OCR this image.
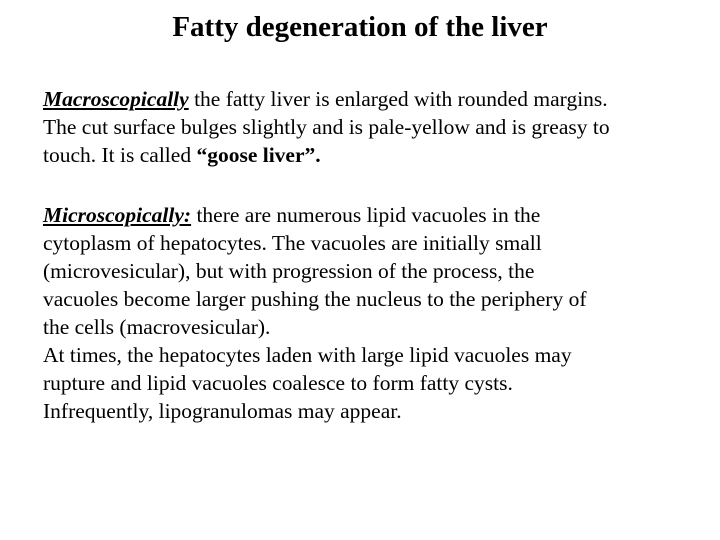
Fatty degeneration of the liver

Macroscopically the fatty liver is enlarged with rounded margins.
The cut surface bulges slightly and is pale-yellow and is greasy to
touch. It is called “goose liver”.

Microscopically: there are numerous lipid vacuoles in the
cytoplasm of hepatocytes. The vacuoles are initially small
(microvesicular), but with progression of the process, the
vacuoles become larger pushing the nucleus to the periphery of
the cells (macrovesicular).

At times, the hepatocytes laden with large lipid vacuoles may
rupture and lipid vacuoles coalesce to form fatty cysts.
Infrequently, lipogranulomas may appear.
